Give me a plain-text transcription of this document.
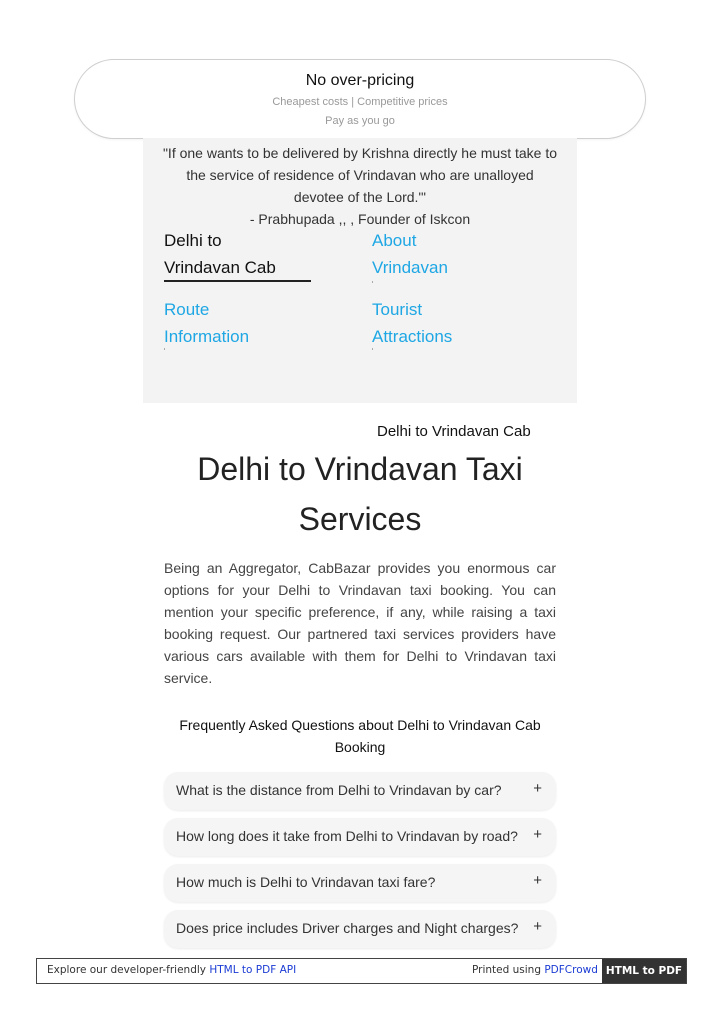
No over-pricing
Cheapest costs | Competitive prices
Pay as you go
"If one wants to be delivered by Krishna directly he must take to the service of residence of Vrindavan who are unalloyed devotee of the Lord."'
- Prabhupada ,, , Founder of Iskcon
Delhi to
Vrindavan Cab
About
Vrindavan
Route
Information
Tourist
Attractions
Delhi to Vrindavan Cab
Delhi to Vrindavan Taxi
Services
Being an Aggregator, CabBazar provides you enormous car options for your Delhi to Vrindavan taxi booking. You can mention your specific preference, if any, while raising a taxi booking request. Our partnered taxi services providers have various cars available with them for Delhi to Vrindavan taxi service.
Frequently Asked Questions about Delhi to Vrindavan Cab Booking
What is the distance from Delhi to Vrindavan by car? +
How long does it take from Delhi to Vrindavan by road? +
How much is Delhi to Vrindavan taxi fare?	+
Does price includes Driver charges and Night charges? +
Explore our developer-friendly HTML to PDF API	Printed using PDFCrowd HTML to PDF
